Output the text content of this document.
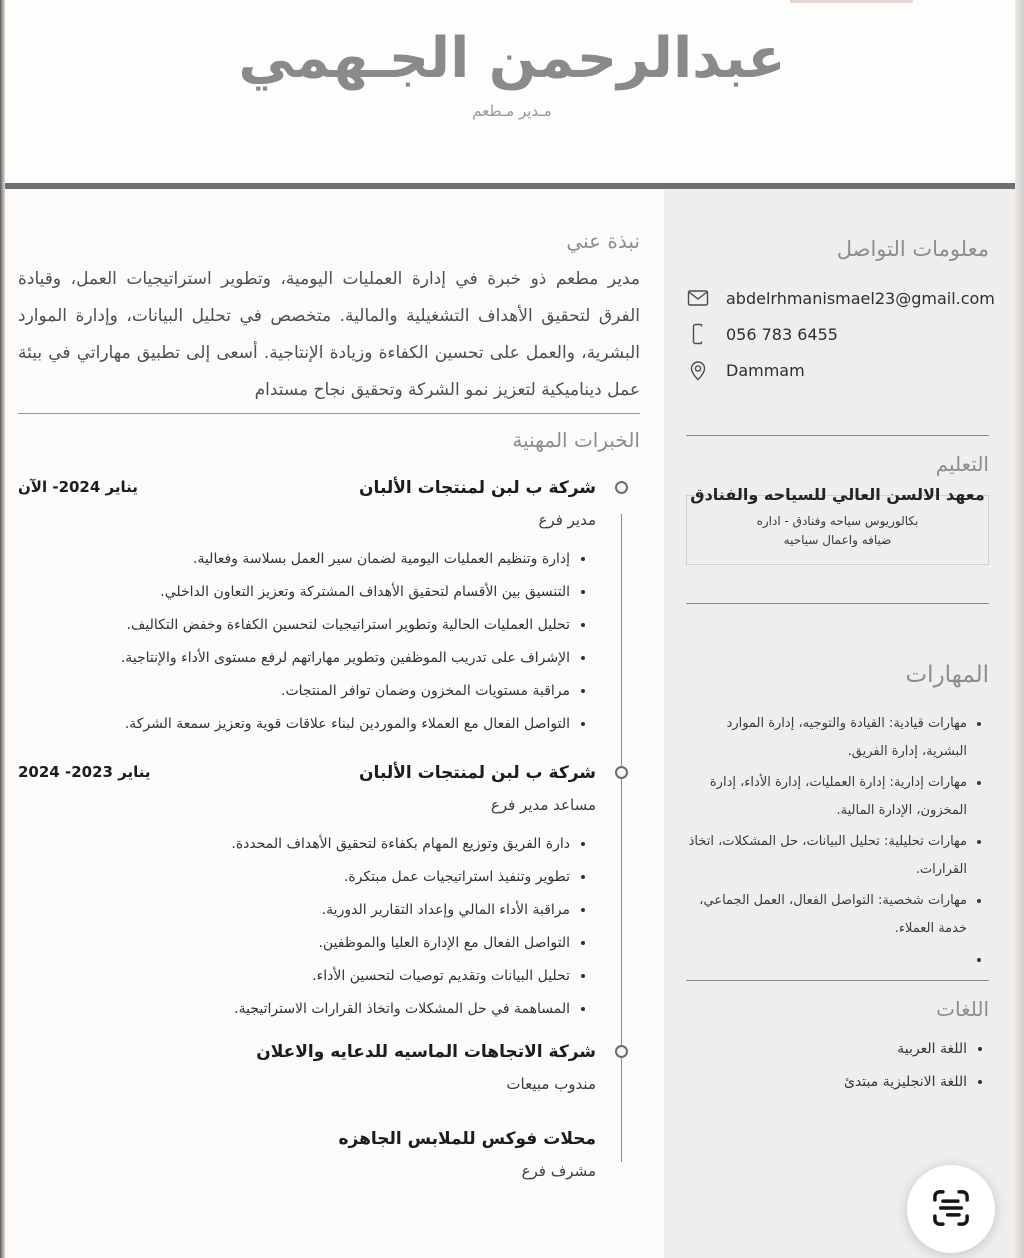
عبدالرحمن الجـهمي
مـدير مـطعم
معلومات التواصل
abdelrhmanismael23@gmail.com
056 783 6455
Dammam
التعليم
معهد الالسن العالي للسياحه والفنادق
بكالوريوس سياحه وفنادق - اداره
ضيافه واعمال سياحيه
المهارات
• مهارات قيادية: القيادة والتوجيه، إدارة الموارد البشرية، إدارة الفريق.
• مهارات إدارية: إدارة العمليات، إدارة الأداء، إدارة المخزون، الإدارة المالية.
• مهارات تحليلية: تحليل البيانات، حل المشكلات، اتخاذ القرارات.
• مهارات شخصية: التواصل الفعال، العمل الجماعي، خدمة العملاء.
•
اللغات
• اللغة العربية
• اللغة الانجليزية مبتدئ
نبذة عني

مدير مطعم ذو خبرة في إدارة العمليات اليومية، وتطوير استراتيجيات العمل، وقيادة الفرق لتحقيق الأهداف التشغيلية والمالية. متخصص في تحليل البيانات، وإدارة الموارد البشرية، والعمل على تحسين الكفاءة وزيادة الإنتاجية. أسعى إلى تطبيق مهاراتي في بيئة عمل ديناميكية لتعزيز نمو الشركة وتحقيق نجاح مستدام

الخبرات المهنية
شركة ب لبن لمنتجات الألبان
يناير 2024- الآن
مدير فرع
• إدارة وتنظيم العمليات اليومية لضمان سير العمل بسلاسة وفعالية.
• التنسيق بين الأقسام لتحقيق الأهداف المشتركة وتعزيز التعاون الداخلي.
• تحليل العمليات الحالية وتطوير استراتيجيات لتحسين الكفاءة وخفض التكاليف.
• الإشراف على تدريب الموظفين وتطوير مهاراتهم لرفع مستوى الأداء والإنتاجية.
• مراقبة مستويات المخزون وضمان توافر المنتجات.
• التواصل الفعال مع العملاء والموردين لبناء علاقات قوية وتعزيز سمعة الشركة.
شركة ب لبن لمنتجات الألبان
يناير 2023- 2024
مساعد مدير فرع
• دارة الفريق وتوزيع المهام بكفاءة لتحقيق الأهداف المحددة.
• تطوير وتنفيذ استراتيجيات عمل مبتكرة.
• مراقبة الأداء المالي وإعداد التقارير الدورية.
• التواصل الفعال مع الإدارة العليا والموظفين.
• تحليل البيانات وتقديم توصيات لتحسين الأداء.
• المساهمة في حل المشكلات واتخاذ القرارات الاستراتيجية.
شركة الاتجاهات الماسيه للدعايه والاعلان
مندوب مبيعات
محلات فوكس للملابس الجاهزه
مشرف فرع
